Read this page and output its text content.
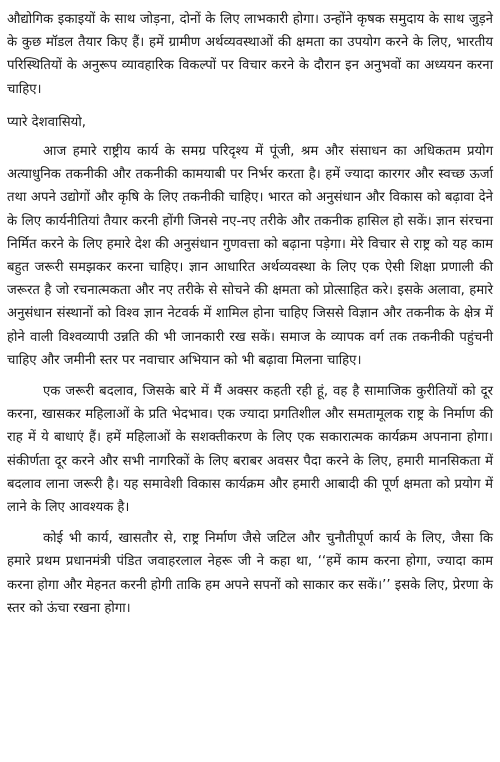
औद्योगिक इकाइयों के साथ जोड़ना, दोनों के लिए लाभकारी होगा। उन्होंने कृषक समुदाय के साथ जुड़ने के कुछ मॉडल तैयार किए हैं। हमें ग्रामीण अर्थव्यवस्थाओं की क्षमता का उपयोग करने के लिए, भारतीय परिस्थितियों के अनुरूप व्यावहारिक विकल्पों पर विचार करने के दौरान इन अनुभवों का अध्ययन करना चाहिए।

प्यारे देशवासियो,

आज हमारे राष्ट्रीय कार्य के समग्र परिदृश्य में पूंजी, श्रम और संसाधन का अधिकतम प्रयोग अत्याधुनिक तकनीकी और तकनीकी कामयाबी पर निर्भर करता है। हमें ज्यादा कारगर और स्वच्छ ऊर्जा तथा अपने उद्योगों और कृषि के लिए तकनीकी चाहिए। भारत को अनुसंधान और विकास को बढ़ावा देने के लिए कार्यनीतियां तैयार करनी होंगी जिनसे नए-नए तरीके और तकनीक हासिल हो सकें। ज्ञान संरचना निर्मित करने के लिए हमारे देश की अनुसंधान गुणवत्ता को बढ़ाना पड़ेगा। मेरे विचार से राष्ट्र को यह काम बहुत जरूरी समझकर करना चाहिए। ज्ञान आधारित अर्थव्यवस्था के लिए एक ऐसी शिक्षा प्रणाली की जरूरत है जो रचनात्मकता और नए तरीके से सोचने की क्षमता को प्रोत्साहित करे। इसके अलावा, हमारे अनुसंधान संस्थानों को विश्व ज्ञान नेटवर्क में शामिल होना चाहिए जिससे विज्ञान और तकनीक के क्षेत्र में होने वाली विश्वव्यापी उन्नति की भी जानकारी रख सकें। समाज के व्यापक वर्ग तक तकनीकी पहुंचनी चाहिए और जमीनी स्तर पर नवाचार अभियान को भी बढ़ावा मिलना चाहिए।

एक जरूरी बदलाव, जिसके बारे में मैं अक्सर कहती रही हूं, वह है सामाजिक कुरीतियों को दूर करना, खासकर महिलाओं के प्रति भेदभाव। एक ज्यादा प्रगतिशील और समतामूलक राष्ट्र के निर्माण की राह में ये बाधाएं हैं। हमें महिलाओं के सशक्तीकरण के लिए एक सकारात्मक कार्यक्रम अपनाना होगा। संकीर्णता दूर करने और सभी नागरिकों के लिए बराबर अवसर पैदा करने के लिए, हमारी मानसिकता में बदलाव लाना जरूरी है। यह समावेशी विकास कार्यक्रम और हमारी आबादी की पूर्ण क्षमता को प्रयोग में लाने के लिए आवश्यक है।

कोई भी कार्य, खासतौर से, राष्ट्र निर्माण जैसे जटिल और चुनौतीपूर्ण कार्य के लिए, जैसा कि हमारे प्रथम प्रधानमंत्री पंडित जवाहरलाल नेहरू जी ने कहा था, ‘‘हमें काम करना होगा, ज्यादा काम करना होगा और मेहनत करनी होगी ताकि हम अपने सपनों को साकार कर सकें।’’ इसके लिए, प्रेरणा के स्तर को ऊंचा रखना होगा।
